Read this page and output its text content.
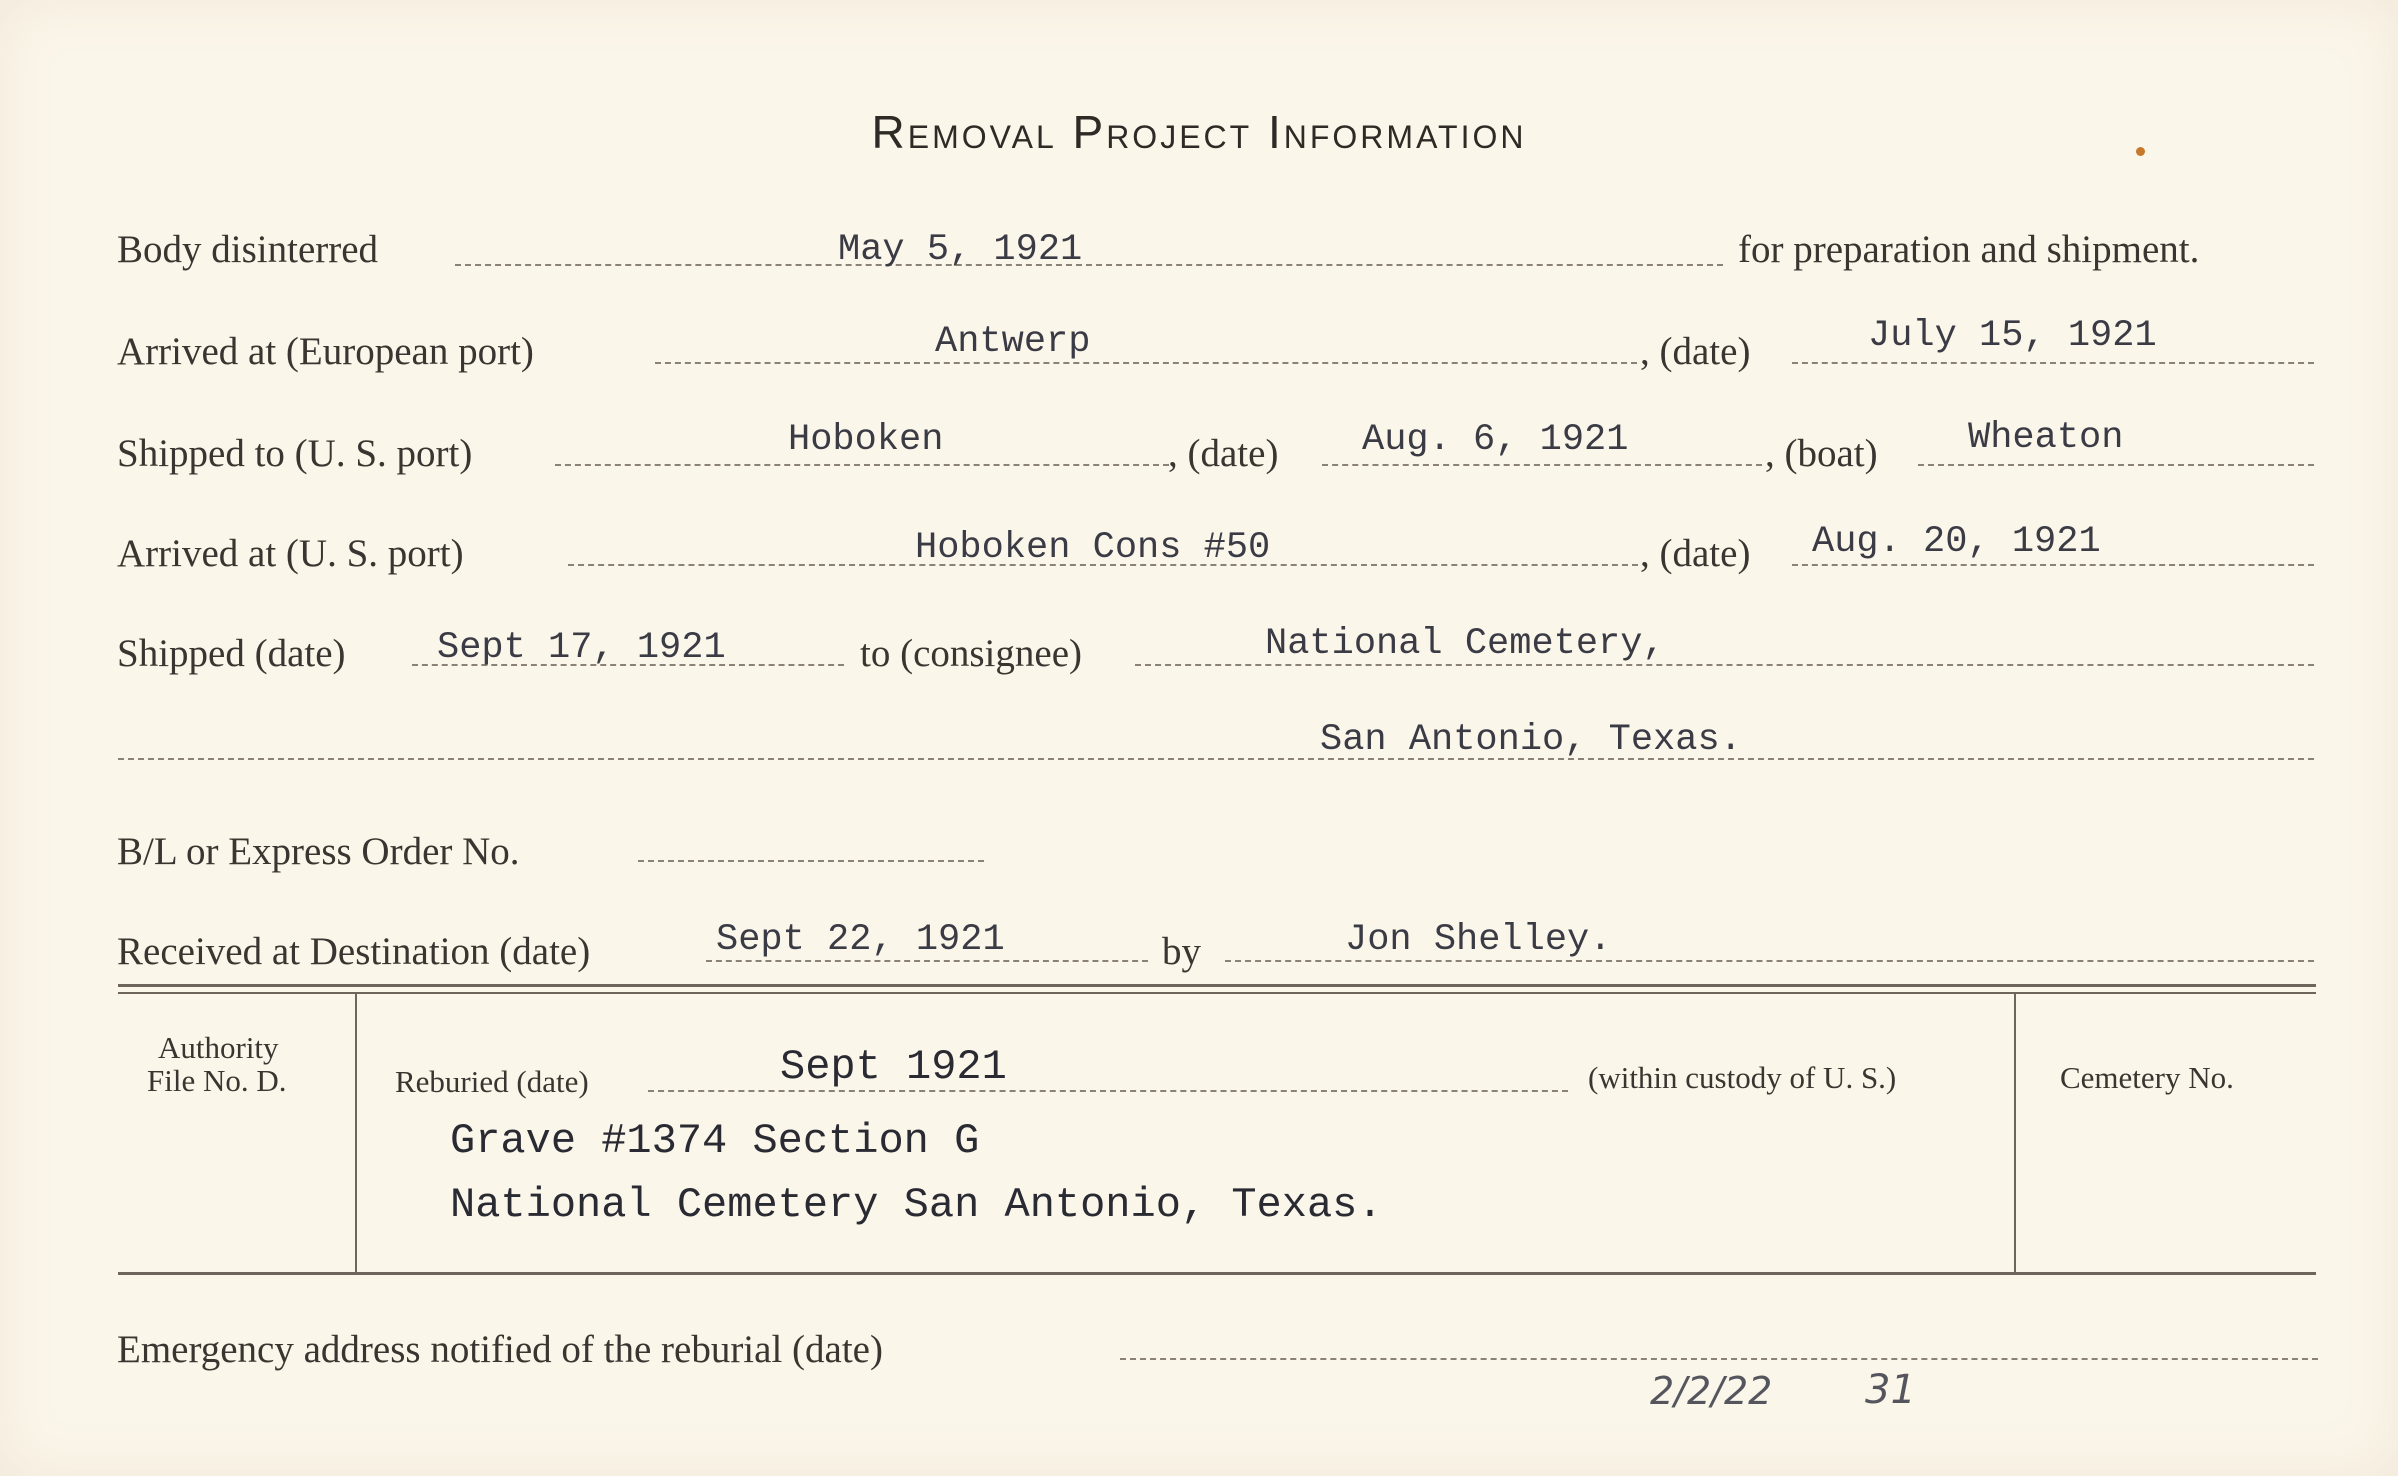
Removal Project Information
Body disinterred	May 5, 1921	for preparation and shipment.
Arrived at (European port)	Antwerp	, (date)	July 15, 1921
Shipped to (U. S. port)	Hoboken	, (date) Aug. 6, 1921	, (boat) Wheaton
Arrived at (U. S. port)	Hoboken Cons #50	, (date) Aug. 20, 1921
Shipped (date) Sept 17, 1921	to (consignee)	National Cemetery,
San Antonio, Texas.
B/L or Express Order No.
Received at Destination (date)	Sept 22, 1921	by	Jon Shelley.
Authority
File No. D.	Reburied (date)	Sept 1921	(within custody of U. S.)	Cemetery No.
Grave #1374 Section G
National Cemetery San Antonio, Texas.
Emergency address notified of the reburial (date)
2/2/22 31
